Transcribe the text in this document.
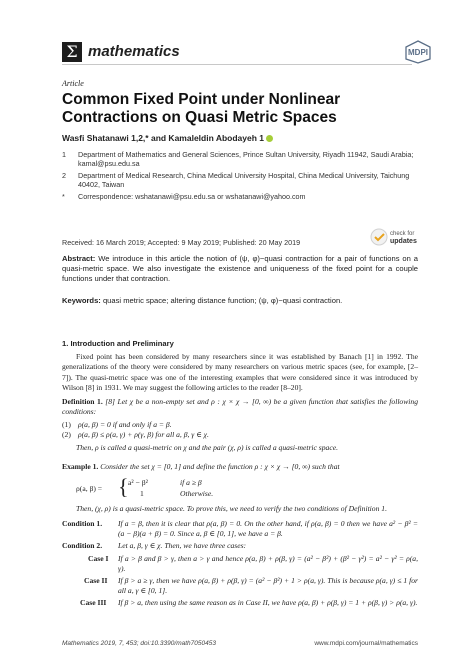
Σ mathematics	MDPI
Article
Common Fixed Point under Nonlinear Contractions on Quasi Metric Spaces
Wasfi Shatanawi 1,2,* and Kamaleldin Abodayeh 1
1 Department of Mathematics and General Sciences, Prince Sultan University, Riyadh 11942, Saudi Arabia; kamal@psu.edu.sa
2 Department of Medical Research, China Medical University Hospital, China Medical University, Taichung 40402, Taiwan
* Correspondence: wshatanawi@psu.edu.sa or wshatanawi@yahoo.com
Received: 16 March 2019; Accepted: 9 May 2019; Published: 20 May 2019
check for
updates
Abstract: We introduce in this article the notion of (ψ, φ)−quasi contraction for a pair of functions on a quasi-metric space. We also investigate the existence and uniqueness of the fixed point for a couple functions under that contraction.
Keywords: quasi metric space; altering distance function; (ψ, φ)−quasi contraction.
1. Introduction and Preliminary
Fixed point has been considered by many researchers since it was established by Banach [1] in 1992. The generalizations of the theory were considered by many researchers on various metric spaces (see, for example, [2–7]). The quasi-metric space was one of the interesting examples that were considered since it was introduced by Wilson [8] in 1931. We may suggest the following articles to the reader [8–20].
Definition 1. [8] Let χ be a non-empty set and ρ : χ × χ → [0, ∞) be a given function that satisfies the following conditions:
(1) ρ(a, β) = 0 if and only if a = β.
(2) ρ(a, β) ≤ ρ(a, γ) + ρ(γ, β) for all a, β, γ ∈ χ.
Then, ρ is called a quasi-metric on χ and the pair (χ, ρ) is called a quasi-metric space.
Example 1. Consider the set χ = [0, 1] and define the function ρ : χ × χ → [0, ∞) such that
ρ(a, β) = { a² − β²	if a ≥ β
1	Otherwise.
Then, (χ, ρ) is a quasi-metric space. To prove this, we need to verify the two conditions of Definition 1.
Condition 1. If a = β, then it is clear that ρ(a, β) = 0. On the other hand, if ρ(a, β) = 0 then we have a² − β² = (a − β)(a + β) = 0. Since a, β ∈ [0, 1], we have a = β.
Condition 2. Let a, β, γ ∈ χ. Then, we have three cases:
Case I If a > β and β > γ, then a > γ and hence ρ(a, β) + ρ(β, γ) = (a² − β²) + (β² − γ²) = a² − γ² = ρ(a, γ).
Case II If β > a ≥ γ, then we have ρ(a, β) + ρ(β, γ) = (a² − β²) + 1 > ρ(a, γ). This is because ρ(a, γ) ≤ 1 for all a, γ ∈ [0, 1].
Case III If β > a, then using the same reason as in Case II, we have ρ(a, β) + ρ(β, γ) = 1 + ρ(β, γ) > ρ(a, γ).
Mathematics 2019, 7, 453; doi:10.3390/math7050453	www.mdpi.com/journal/mathematics
